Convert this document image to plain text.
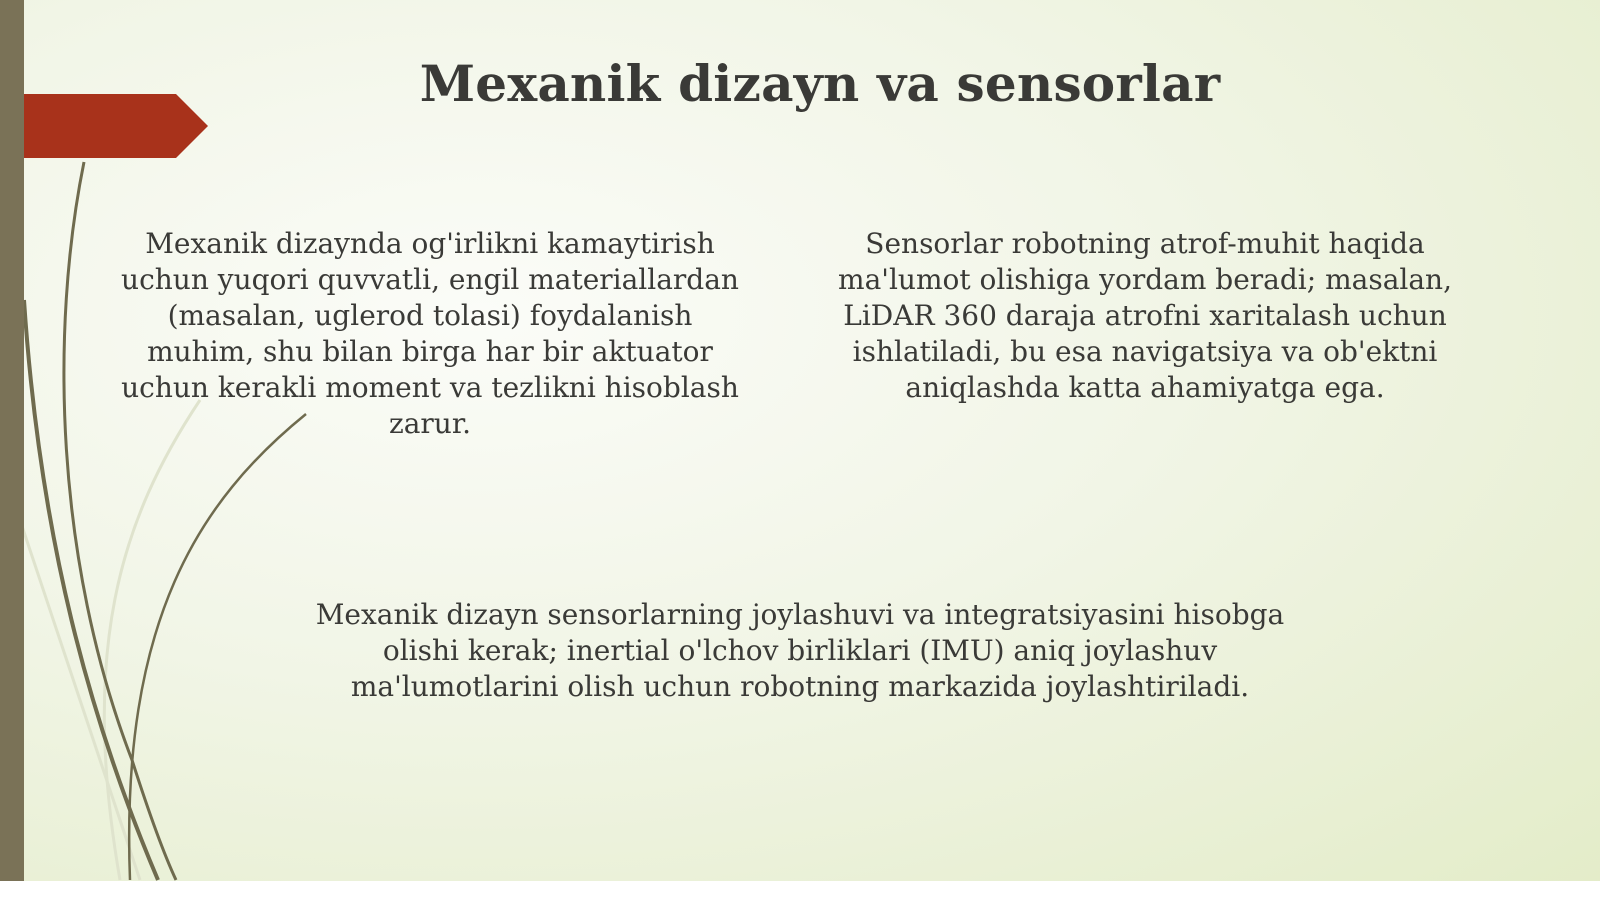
Mexanik dizayn va sensorlar
Mexanik dizaynda og'irlikni kamaytirish uchun yuqori quvvatli, engil materiallardan (masalan, uglerod tolasi) foydalanish muhim, shu bilan birga har bir aktuator uchun kerakli moment va tezlikni hisoblash zarur.
Sensorlar robotning atrof-muhit haqida ma'lumot olishiga yordam beradi; masalan, LiDAR 360 daraja atrofni xaritalash uchun ishlatiladi, bu esa navigatsiya va ob'ektni aniqlashda katta ahamiyatga ega.
Mexanik dizayn sensorlarning joylashuvi va integratsiyasini hisobga olishi kerak; inertial o'lchov birliklari (IMU) aniq joylashuv ma'lumotlarini olish uchun robotning markazida joylashtiriladi.
